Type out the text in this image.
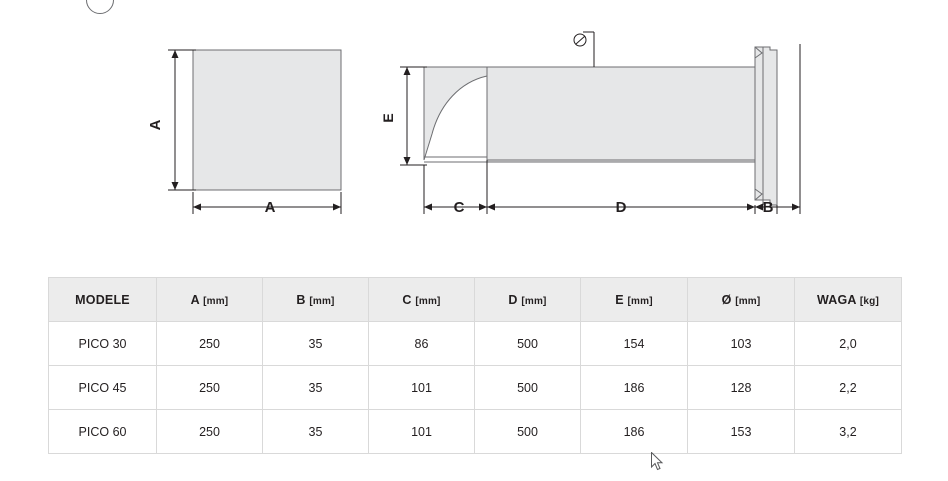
A
A
E
C	D	B
MODELE	A [mm]	B [mm]	C [mm]	D [mm]	E [mm]	Ø [mm]	WAGA [kg]
PICO 30	250	35	86	500	154	103	2,0
PICO 45	250	35	101	500	186	128	2,2
PICO 60	250	35	101	500	186	153	3,2
